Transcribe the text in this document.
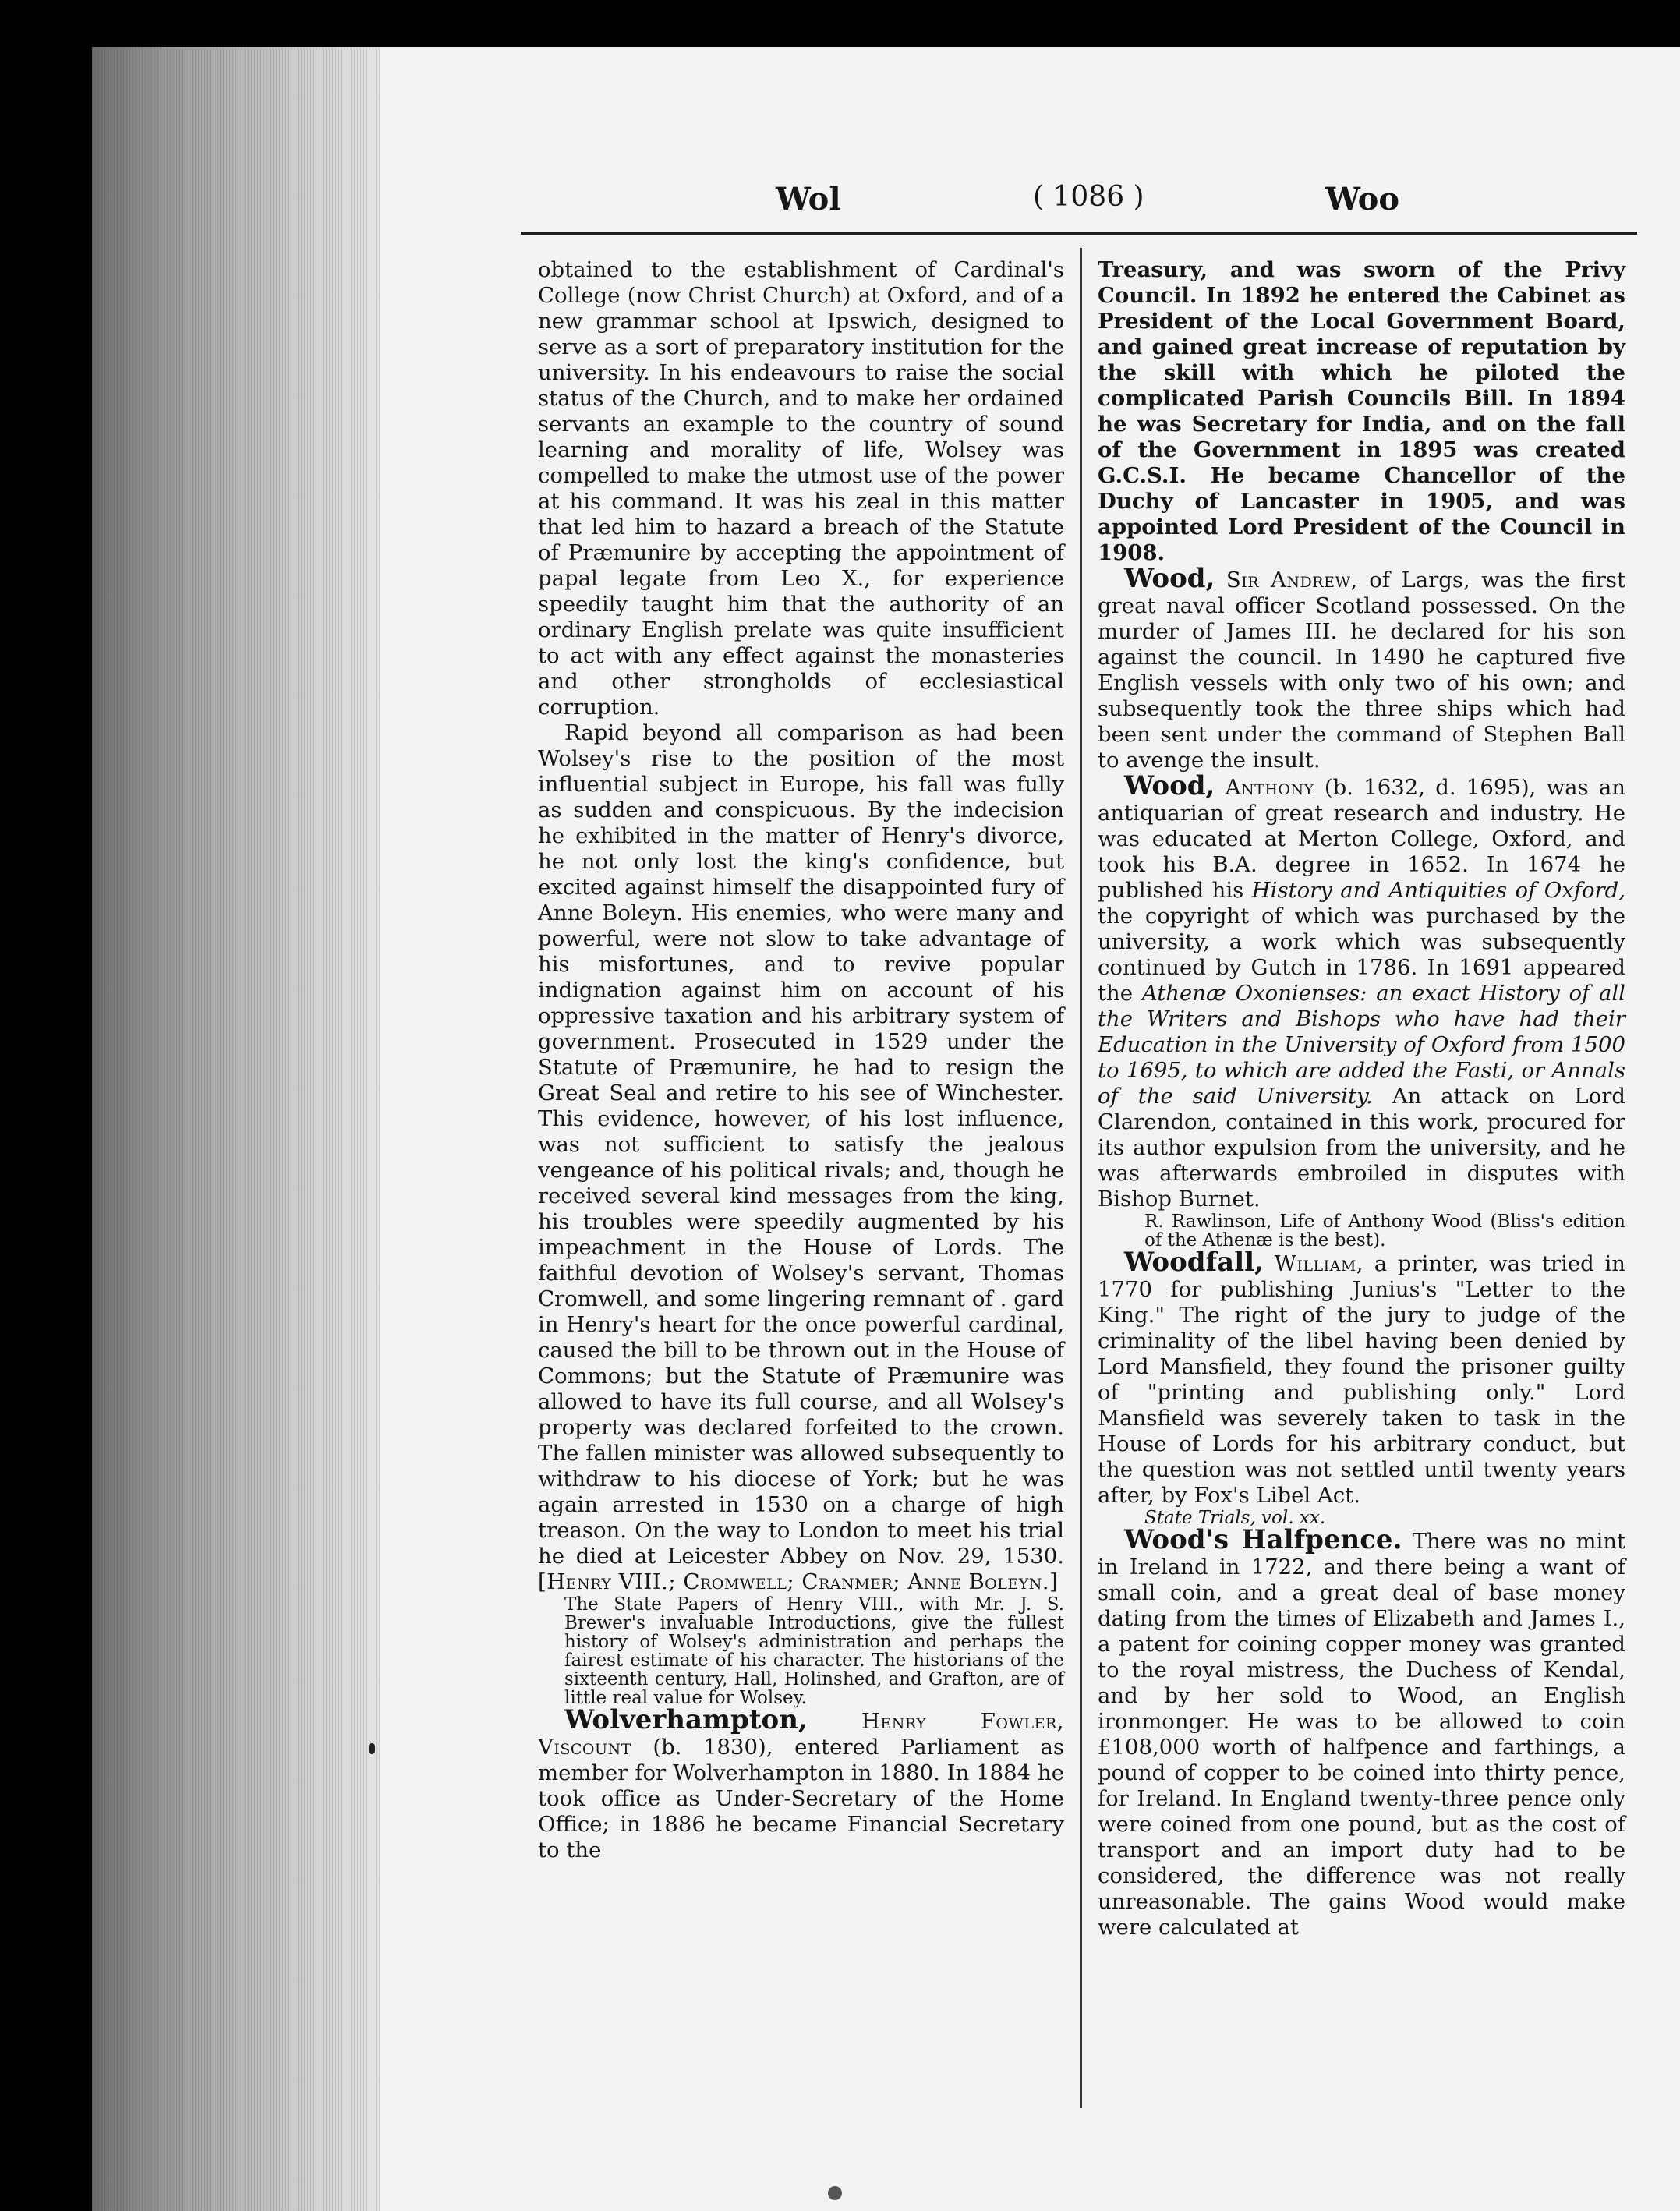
Wol	( 1086 )	Woo

obtained to the establishment of Cardinal's College (now Christ Church) at Oxford, and of a new grammar school at Ipswich, designed to serve as a sort of preparatory institution for the university. In his endeavours to raise the social status of the Church, and to make her ordained servants an example to the country of sound learning and morality of life, Wolsey was compelled to make the utmost use of the power at his command. It was his zeal in this matter that led him to hazard a breach of the Statute of Præmunire by accepting the appointment of papal legate from Leo X., for experience speedily taught him that the authority of an ordinary English prelate was quite insufficient to act with any effect against the monasteries and other strongholds of ecclesiastical corruption.

Rapid beyond all comparison as had been Wolsey's rise to the position of the most influential subject in Europe, his fall was fully as sudden and conspicuous. By the indecision he exhibited in the matter of Henry's divorce, he not only lost the king's confidence, but excited against himself the disappointed fury of Anne Boleyn. His enemies, who were many and powerful, were not slow to take advantage of his misfortunes, and to revive popular indignation against him on account of his oppressive taxation and his arbitrary system of government. Prosecuted in 1529 under the Statute of Præmunire, he had to resign the Great Seal and retire to his see of Winchester. This evidence, however, of his lost influence, was not sufficient to satisfy the jealous vengeance of his political rivals; and, though he received several kind messages from the king, his troubles were speedily augmented by his impeachment in the House of Lords. The faithful devotion of Wolsey's servant, Thomas Cromwell, and some lingering remnant of . gard in Henry's heart for the once powerful cardinal, caused the bill to be thrown out in the House of Commons; but the Statute of Præmunire was allowed to have its full course, and all Wolsey's property was declared forfeited to the crown. The fallen minister was allowed subsequently to withdraw to his diocese of York; but he was again arrested in 1530 on a charge of high treason. On the way to London to meet his trial he died at Leicester Abbey on Nov. 29, 1530. [Henry VIII.; Cromwell; Cranmer; Anne Boleyn.]

The State Papers of Henry VIII., with Mr. J. S. Brewer's invaluable Introductions, give the fullest history of Wolsey's administration and perhaps the fairest estimate of his character. The historians of the sixteenth century, Hall, Holinshed, and Grafton, are of little real value for Wolsey.

Wolverhampton,	Henry Fowler, Viscount (b. 1830), entered Parliament as member for Wolverhampton in 1880. In 1884 he took office as Under-Secretary of the Home Office; in 1886 he became Financial Secretary to the

Treasury, and was sworn of the Privy Council. In 1892 he entered the Cabinet as President of the Local Government Board, and gained great increase of reputation by the skill with which he piloted the complicated Parish Councils Bill. In 1894 he was Secretary for India, and on the fall of the Government in 1895 was created G.C.S.I. He became Chancellor of the Duchy of Lancaster in 1905, and was appointed Lord President of the Council in 1908.

Wood, Sir Andrew, of Largs, was the first great naval officer Scotland possessed. On the murder of James III. he declared for his son against the council. In 1490 he captured five English vessels with only two of his own; and subsequently took the three ships which had been sent under the command of Stephen Ball to avenge the insult.

Wood, Anthony (b. 1632, d. 1695), was an antiquarian of great research and industry. He was educated at Merton College, Oxford, and took his B.A. degree in 1652. In 1674 he published his History and Antiquities of Oxford, the copyright of which was purchased by the university, a work which was subsequently continued by Gutch in 1786. In 1691 appeared the Athenæ Oxonienses: an exact History of all the Writers and Bishops who have had their Education in the University of Oxford from 1500 to 1695, to which are added the Fasti, or Annals of the said University. An attack on Lord Clarendon, contained in this work, procured for its author expulsion from the university, and he was afterwards embroiled in disputes with Bishop Burnet.

R. Rawlinson, Life of Anthony Wood (Bliss's edition of the Athenæ is the best).

Woodfall, William, a printer, was tried in 1770 for publishing Junius's "Letter to the King." The right of the jury to judge of the criminality of the libel having been denied by Lord Mansfield, they found the prisoner guilty of "printing and publishing only." Lord Mansfield was severely taken to task in the House of Lords for his arbitrary conduct, but the question was not settled until twenty years after, by Fox's Libel Act.

State Trials, vol. xx.

Wood's Halfpence. There was no mint in Ireland in 1722, and there being a want of small coin, and a great deal of base money dating from the times of Elizabeth and James I., a patent for coining copper money was granted to the royal mistress, the Duchess of Kendal, and by her sold to Wood, an English ironmonger. He was to be allowed to coin £108,000 worth of halfpence and farthings, a pound of copper to be coined into thirty pence, for Ireland. In England twenty-three pence only were coined from one pound, but as the cost of transport and an import duty had to be considered, the difference was not really unreasonable. The gains Wood would make were calculated at
